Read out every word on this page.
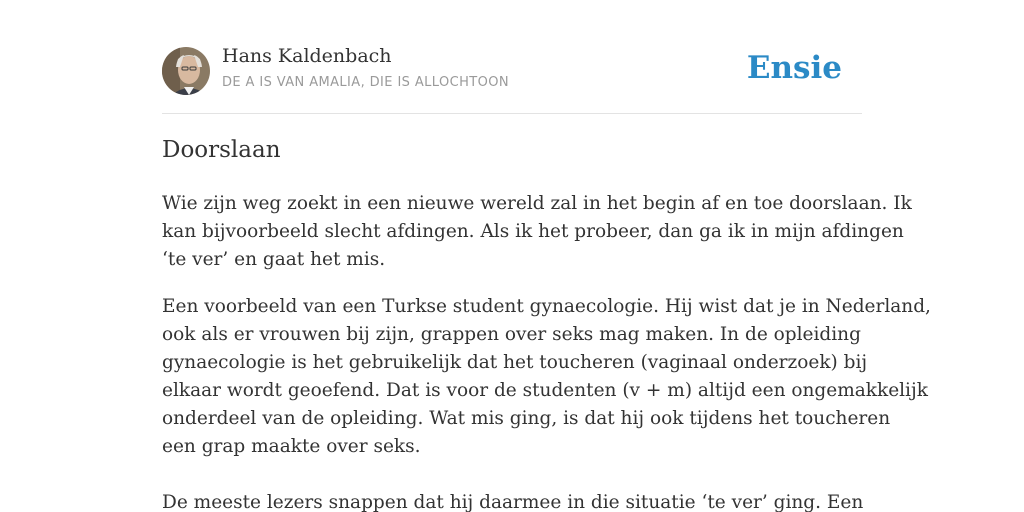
Hans Kaldenbach
DE A IS VAN AMALIA, DIE IS ALLOCHTOON	Ensie
Doorslaan

Wie zijn weg zoekt in een nieuwe wereld zal in het begin af en toe doorslaan. Ik
kan bijvoorbeeld slecht afdingen. Als ik het probeer, dan ga ik in mijn afdingen
‘te ver’ en gaat het mis.

Een voorbeeld van een Turkse student gynaecologie. Hij wist dat je in Nederland,
ook als er vrouwen bij zijn, grappen over seks mag maken. In de opleiding
gynaecologie is het gebruikelijk dat het toucheren (vaginaal onderzoek) bij
elkaar wordt geoefend. Dat is voor de studenten (v + m) altijd een ongemakkelijk
onderdeel van de opleiding. Wat mis ging, is dat hij ook tijdens het toucheren
een grap maakte over seks.

De meeste lezers snappen dat hij daarmee in die situatie ‘te ver’ ging. Een
